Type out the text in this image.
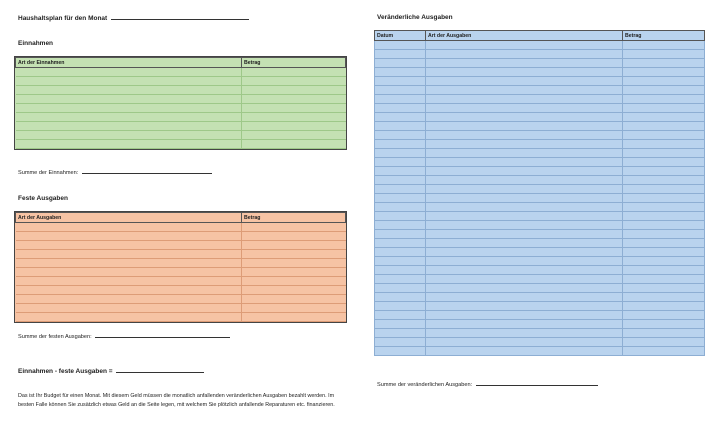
Haushaltsplan für den Monat
Einnahmen
Art der Einnahmen	Betrag

Summe der Einnahmen:
Feste Ausgaben
Art der Ausgaben	Betrag

Summe der festen Ausgaben:
Einnahmen - feste Ausgaben =
Das ist Ihr Budget für einen Monat. Mit diesem Geld müssen die monatlich anfallenden veränderlichen Ausgaben bezahlt werden. Im besten Falle können Sie zusätzlich etwas Geld an die Seite legen, mit welchem Sie plötzlich anfallende Reparaturen etc. finanzieren.
Veränderliche Ausgaben
Datum	Art der Ausgaben	Betrag

Summe der veränderlichen Ausgaben:
